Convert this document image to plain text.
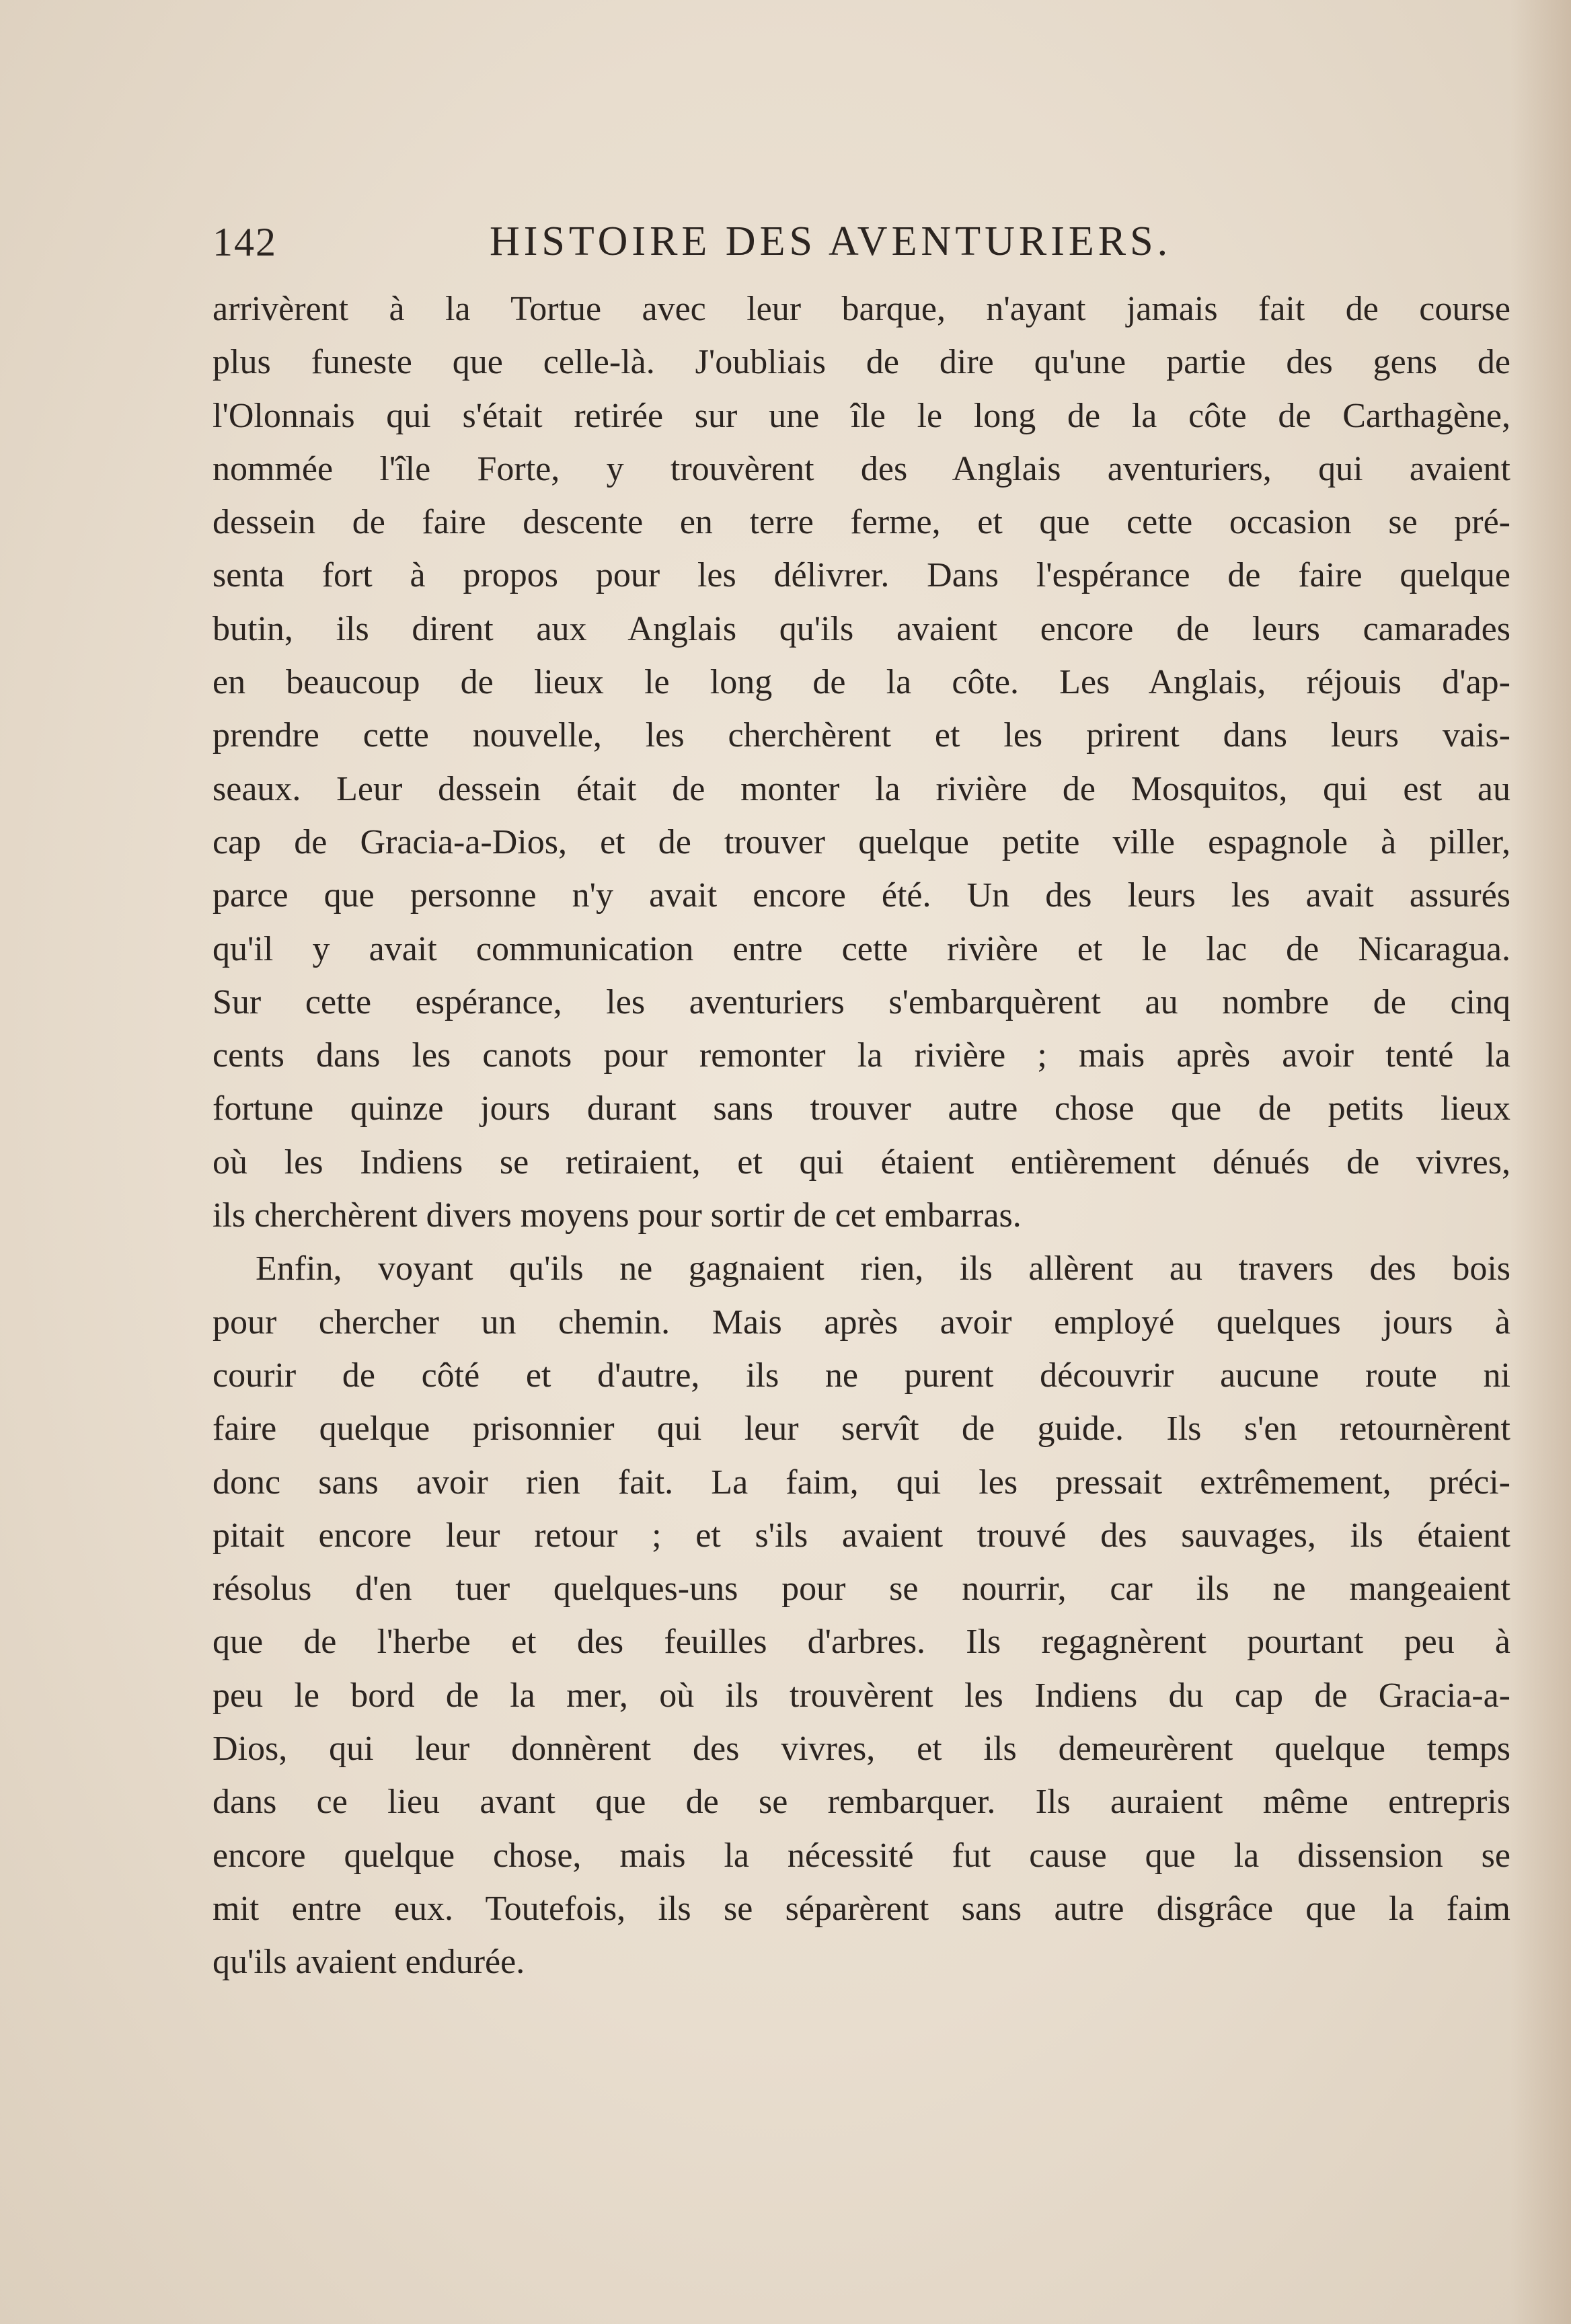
142	HISTOIRE DES AVENTURIERS.
arrivèrent à la Tortue avec leur barque, n'ayant jamais fait de course
plus funeste que celle-là. J'oubliais de dire qu'une partie des gens de
l'Olonnais qui s'était retirée sur une île le long de la côte de Carthagène,
nommée l'île Forte, y trouvèrent des Anglais aventuriers, qui avaient
dessein de faire descente en terre ferme, et que cette occasion se pré-
senta fort à propos pour les délivrer. Dans l'espérance de faire quelque
butin, ils dirent aux Anglais qu'ils avaient encore de leurs camarades
en beaucoup de lieux le long de la côte. Les Anglais, réjouis d'ap-
prendre cette nouvelle, les cherchèrent et les prirent dans leurs vais-
seaux. Leur dessein était de monter la rivière de Mosquitos, qui est au
cap de Gracia-a-Dios, et de trouver quelque petite ville espagnole à piller,
parce que personne n'y avait encore été. Un des leurs les avait assurés
qu'il y avait communication entre cette rivière et le lac de Nicaragua.
Sur cette espérance, les aventuriers s'embarquèrent au nombre de cinq
cents dans les canots pour remonter la rivière ; mais après avoir tenté la
fortune quinze jours durant sans trouver autre chose que de petits lieux
où les Indiens se retiraient, et qui étaient entièrement dénués de vivres,
ils cherchèrent divers moyens pour sortir de cet embarras.
Enfin, voyant qu'ils ne gagnaient rien, ils allèrent au travers des bois
pour chercher un chemin. Mais après avoir employé quelques jours à
courir de côté et d'autre, ils ne purent découvrir aucune route ni
faire quelque prisonnier qui leur servît de guide. Ils s'en retournèrent
donc sans avoir rien fait. La faim, qui les pressait extrêmement, préci-
pitait encore leur retour ; et s'ils avaient trouvé des sauvages, ils étaient
résolus d'en tuer quelques-uns pour se nourrir, car ils ne mangeaient
que de l'herbe et des feuilles d'arbres. Ils regagnèrent pourtant peu à
peu le bord de la mer, où ils trouvèrent les Indiens du cap de Gracia-a-
Dios, qui leur donnèrent des vivres, et ils demeurèrent quelque temps
dans ce lieu avant que de se rembarquer. Ils auraient même entrepris
encore quelque chose, mais la nécessité fut cause que la dissension se
mit entre eux. Toutefois, ils se séparèrent sans autre disgrâce que la faim
qu'ils avaient endurée.
